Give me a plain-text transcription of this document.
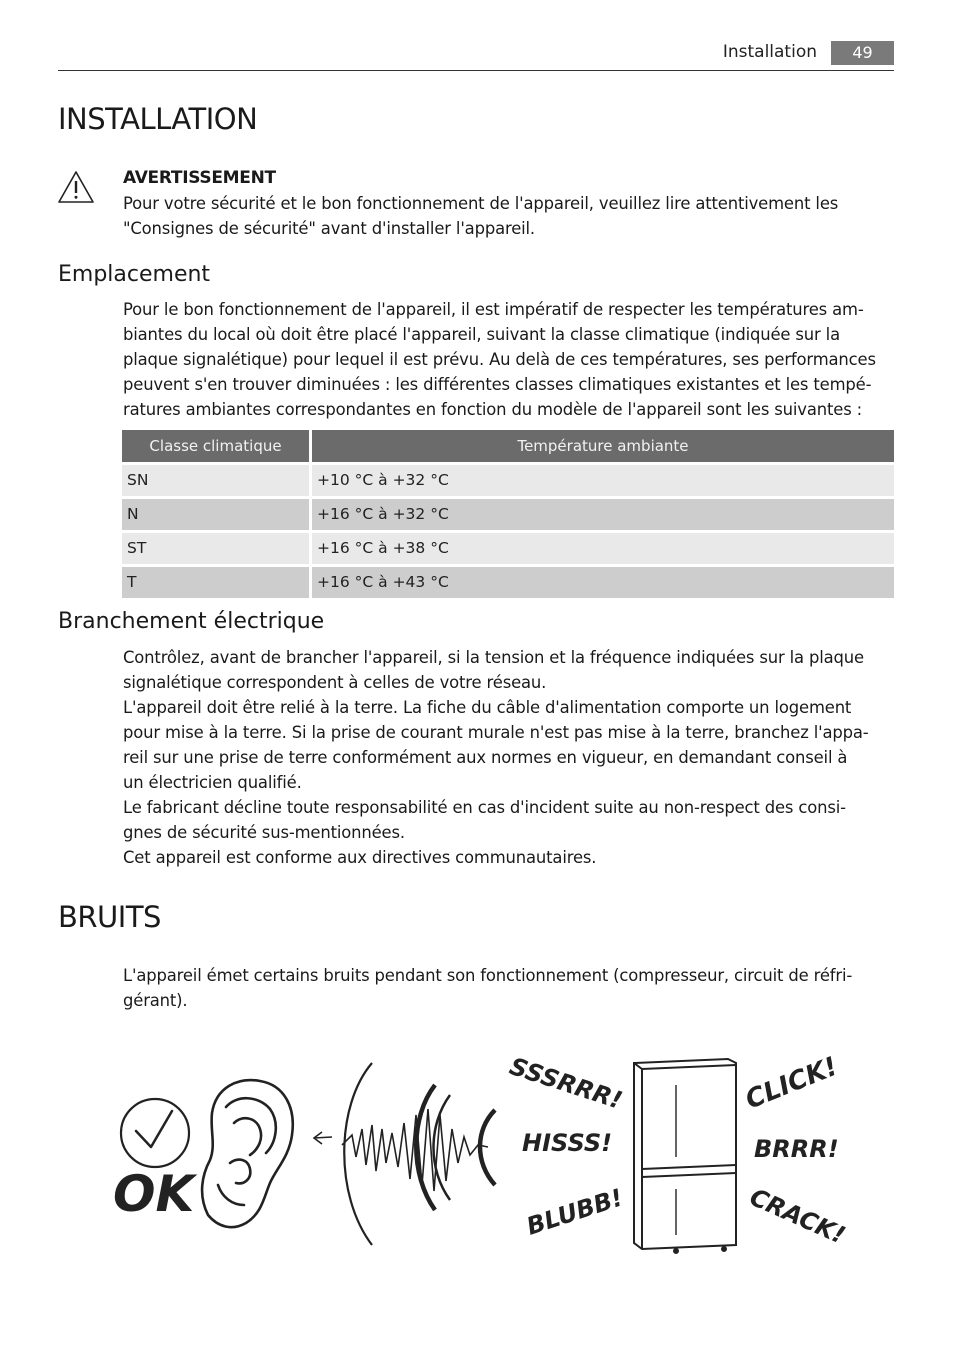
Installation	49
INSTALLATION
AVERTISSEMENT

Pour votre sécurité et le bon fonctionnement de l'appareil, veuillez lire attentivement les

"Consignes de sécurité" avant d'installer l'appareil.

Emplacement

Pour le bon fonctionnement de l'appareil, il est impératif de respecter les températures am-

biantes du local où doit être placé l'appareil, suivant la classe climatique (indiquée sur la

plaque signalétique) pour lequel il est prévu. Au delà de ces températures, ses performances

peuvent s'en trouver diminuées : les différentes classes climatiques existantes et les tempé-

ratures ambiantes correspondantes en fonction du modèle de l'appareil sont les suivantes :

Classe climatique	Température ambiante
SN	+10 °C à +32 °C
N	+16 °C à +32 °C
ST	+16 °C à +38 °C
T	+16 °C à +43 °C
Branchement électrique

Contrôlez, avant de brancher l'appareil, si la tension et la fréquence indiquées sur la plaque

signalétique correspondent à celles de votre réseau.

L'appareil doit être relié à la terre. La fiche du câble d'alimentation comporte un logement

pour mise à la terre. Si la prise de courant murale n'est pas mise à la terre, branchez l'appa-

reil sur une prise de terre conformément aux normes en vigueur, en demandant conseil à

un électricien qualifié.

Le fabricant décline toute responsabilité en cas d'incident suite au non-respect des consi-

gnes de sécurité sus-mentionnées.

Cet appareil est conforme aux directives communautaires.

BRUITS

L'appareil émet certains bruits pendant son fonctionnement (compresseur, circuit de réfri-

gérant).

OK
SSSRRR!
HISSS!
BLUBB!
CLICK!
BRRR!
CRACK!
